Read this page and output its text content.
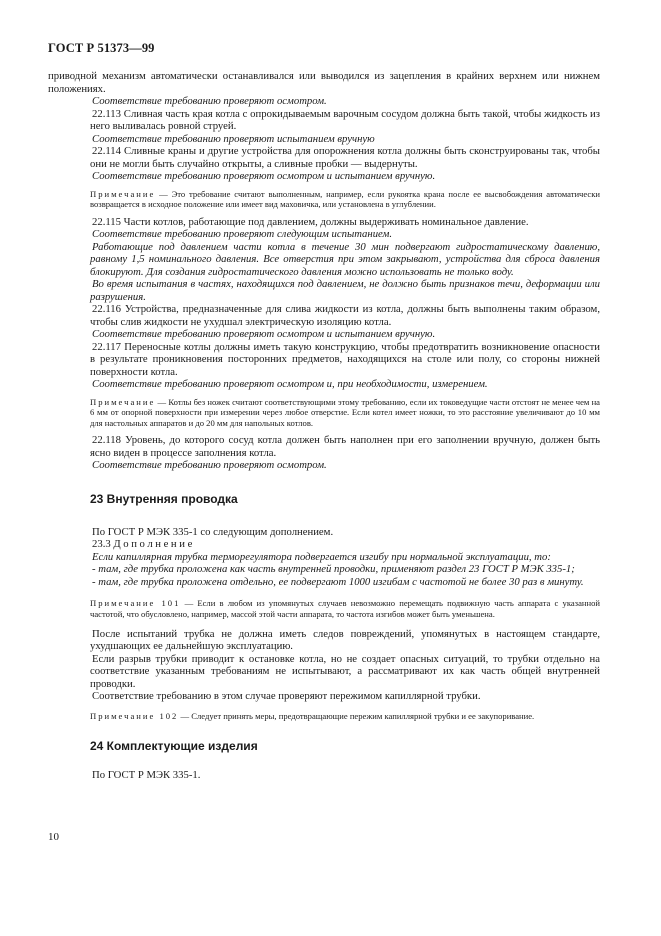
ГОСТ Р 51373—99

приводной механизм автоматически останавливался или выводился из зацепления в крайних верхнем или нижнем положениях.

Соответствие требованию проверяют осмотром.

22.113 Сливная часть края котла с опрокидываемым варочным сосудом должна быть такой, чтобы жидкость из него выливалась ровной струей.

Соответствие требованию проверяют испытанием вручную

22.114 Сливные краны и другие устройства для опорожнения котла должны быть сконструированы так, чтобы они не могли быть случайно открыты, а сливные пробки — выдернуты.

Соответствие требованию проверяют осмотром и испытанием вручную.

Примечание — Это требование считают выполненным, например, если рукоятка крана после ее высвобождения автоматически возвращается в исходное положение или имеет вид маховичка, или установлена в углублении.

22.115 Части котлов, работающие под давлением, должны выдерживать номинальное давление.

Соответствие требованию проверяют следующим испытанием.

Работающие под давлением части котла в течение 30 мин подвергают гидростатическому давлению, равному 1,5 номинального давления. Все отверстия при этом закрывают, устройства для сброса давления блокируют. Для создания гидростатического давления можно использовать не только воду.

Во время испытания в частях, находящихся под давлением, не должно быть признаков течи, деформации или разрушения.

22.116 Устройства, предназначенные для слива жидкости из котла, должны быть выполнены таким образом, чтобы слив жидкости не ухудшал электрическую изоляцию котла.

Соответствие требованию проверяют осмотром и испытанием вручную.

22.117 Переносные котлы должны иметь такую конструкцию, чтобы предотвратить возникновение опасности в результате проникновения посторонних предметов, находящихся на столе или полу, со стороны нижней поверхности котла.

Соответствие требованию проверяют осмотром и, при необходимости, измерением.

Примечание — Котлы без ножек считают соответствующими этому требованию, если их токоведущие части отстоят не менее чем на 6 мм от опорной поверхности при измерении через любое отверстие. Если котел имеет ножки, то это расстояние увеличивают до 10 мм для настольных аппаратов и до 20 мм для напольных котлов.

22.118 Уровень, до которого сосуд котла должен быть наполнен при его заполнении вручную, должен быть ясно виден в процессе заполнения котла.

Соответствие требованию проверяют осмотром.

23 Внутренняя проводка

По ГОСТ Р МЭК 335-1 со следующим дополнением.

23.3 Дополнение

Если капиллярная трубка терморегулятора подвергается изгибу при нормальной эксплуатации, то:

- там, где трубка проложена как часть внутренней проводки, применяют раздел 23 ГОСТ Р МЭК 335-1;

- там, где трубка проложена отдельно, ее подвергают 1000 изгибам с частотой не более 30 раз в минуту.

Примечание 101 — Если в любом из упомянутых случаев невозможно перемещать подвижную часть аппарата с указанной частотой, что обусловлено, например, массой этой части аппарата, то частота изгибов может быть уменьшена.

После испытаний трубка не должна иметь следов повреждений, упомянутых в настоящем стандарте, ухудшающих ее дальнейшую эксплуатацию.

Если разрыв трубки приводит к остановке котла, но не создает опасных ситуаций, то трубки отдельно на соответствие указанным требованиям не испытывают, а рассматривают их как часть общей внутренней проводки.

Соответствие требованию в этом случае проверяют пережимом капиллярной трубки.

Примечание 102 — Следует принять меры, предотвращающие пережим капиллярной трубки и ее закупоривание.

24 Комплектующие изделия

По ГОСТ Р МЭК 335-1.

10
